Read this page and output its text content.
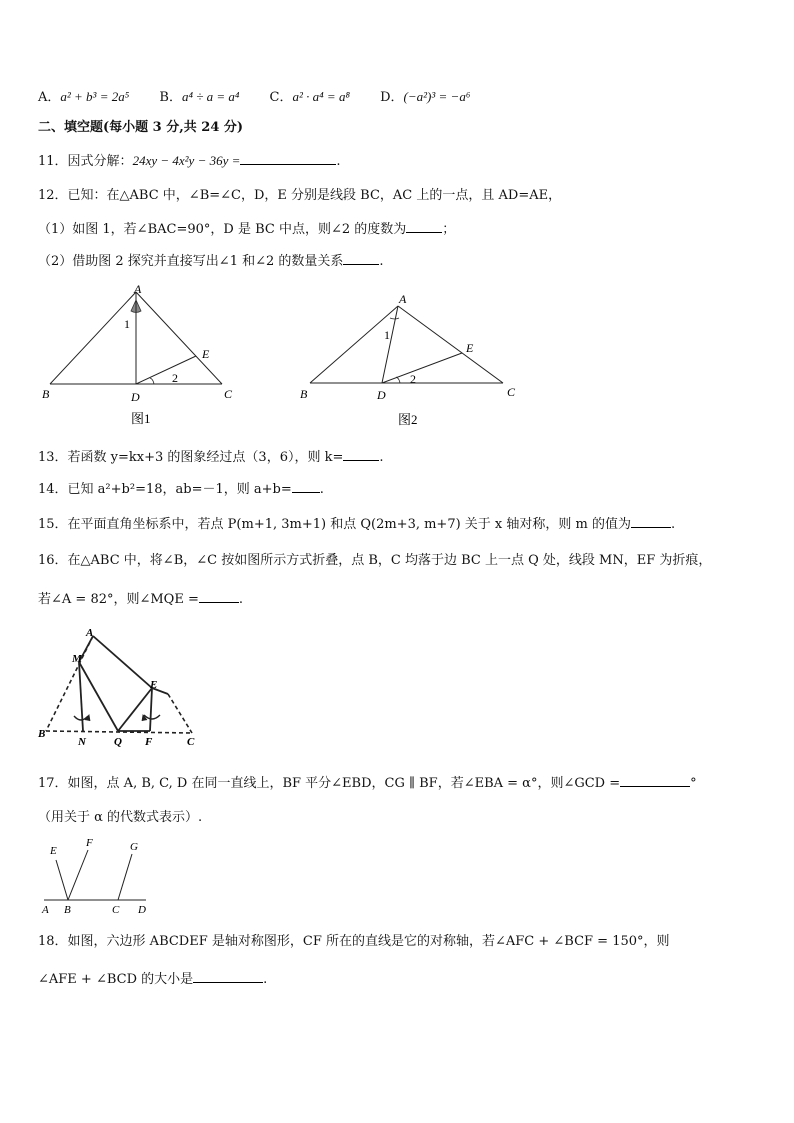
A．a² + b³ = 2a⁵ B．a⁴ ÷ a = a⁴ C．a² · a⁴ = a⁸ D．(−a²)³ = −a⁶
二、填空题(每小题 3 分,共 24 分)
11．因式分解：24xy − 4x²y − 36y =	.
12．已知：在△ABC 中，∠B=∠C，D，E 分别是线段 BC，AC 上的一点，且 AD=AE，
（1）如图 1，若∠BAC=90°，D 是 BC 中点，则∠2 的度数为	；
（2）借助图 2 探究并直接写出∠1 和∠2 的数量关系	.
A
B	C
D
E
1
2
图1
A
B	C
D
E
1
2
图2
13．若函数 y=kx+3 的图象经过点（3，6），则 k=	.
14．已知 a²+b²=18，ab=－1，则 a+b= .
15．在平面直角坐标系中，若点 P(m+1, 3m+1) 和点 Q(2m+3, m+7) 关于 x 轴对称，则 m 的值为	.
16．在△ABC 中，将∠B，∠C 按如图所示方式折叠，点 B，C 均落于边 BC 上一点 Q 处，线段 MN，EF 为折痕，
若∠A = 82°，则∠MQE =	.
A
M
E
B
N	Q F	C
17．如图，点 A, B, C, D 在同一直线上，BF 平分∠EBD，CG ∥ BF，若∠EBA = α°，则∠GCD =	°
（用关于 α 的代数式表示）.
E
F	G
A B	C D
18．如图，六边形 ABCDEF 是轴对称图形，CF 所在的直线是它的对称轴，若∠AFC + ∠BCF = 150°，则
∠AFE + ∠BCD 的大小是	.
